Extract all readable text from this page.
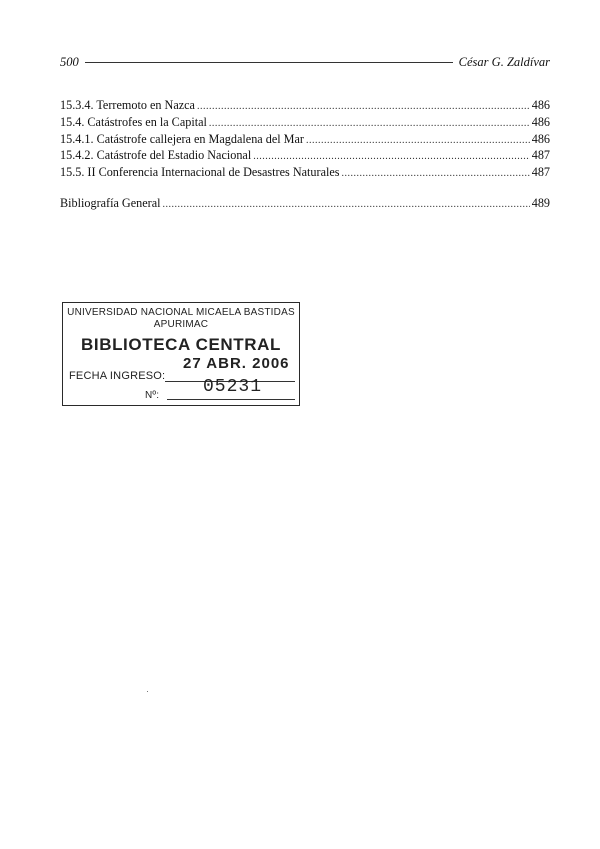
500	César G. Zaldívar
15.3.4. Terremoto en Nazca .....	486
15.4. Catástrofes en la Capital .....	486
15.4.1. Catástrofe callejera en Magdalena del Mar .....	486
15.4.2. Catástrofe del Estadio Nacional .....	487
15.5. II Conferencia Internacional de Desastres Naturales .....	487
Bibliografía General .....	489
UNIVERSIDAD NACIONAL MICAELA BASTIDAS
APURIMAC
BIBLIOTECA CENTRAL
27 ABR. 2006
FECHA INGRESO:
Nº: 05231
